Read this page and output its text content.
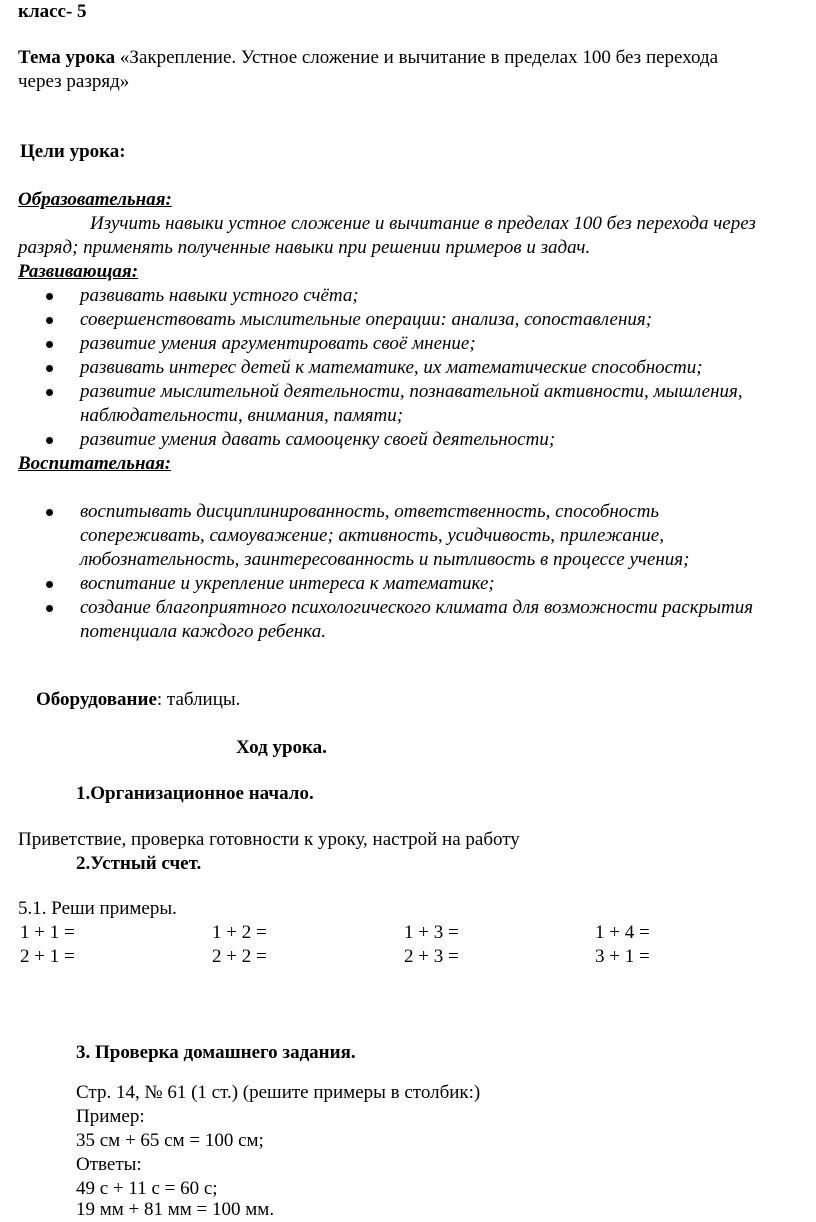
класс- 5
Тема урока «Закрепление. Устное сложение и вычитание в пределах 100 без перехода
через разряд»
Цели урока:
Образовательная:
Изучить навыки устное сложение и вычитание в пределах 100 без перехода через
разряд; применять полученные навыки при решении примеров и задач.
Развивающая:
развивать навыки устного счёта;
совершенствовать мыслительные операции: анализа, сопоставления;
развитие умения аргументировать своё мнение;
развивать интерес детей к математике, их математические способности;
развитие мыслительной деятельности, познавательной активности, мышления,
наблюдательности, внимания, памяти;
развитие умения давать самооценку своей деятельности;
Воспитательная:
воспитывать дисциплинированность, ответственность, способность
сопереживать, самоуважение; активность, усидчивость, прилежание,
любознательность, заинтересованность и пытливость в процессе учения;
воспитание и укрепление интереса к математике;
создание благоприятного психологического климата для возможности раскрытия
потенциала каждого ребенка.
Оборудование: таблицы.
Ход урока.
1.Организационное начало.
Приветствие, проверка готовности к уроку, настрой на работу
2.Устный счет.
5.1. Реши примеры.
1 + 1 =	1 + 2 =	1 + 3 =	1 + 4 =
2 + 1 =	2 + 2 =	2 + 3 =	3 + 1 =
3. Проверка домашнего задания.
Стр. 14, № 61 (1 ст.) (решите примеры в столбик:)
Пример:
35 см + 65 см = 100 см;
Ответы:
49 с + 11 с = 60 с;
19 мм + 81 мм = 100 мм.
